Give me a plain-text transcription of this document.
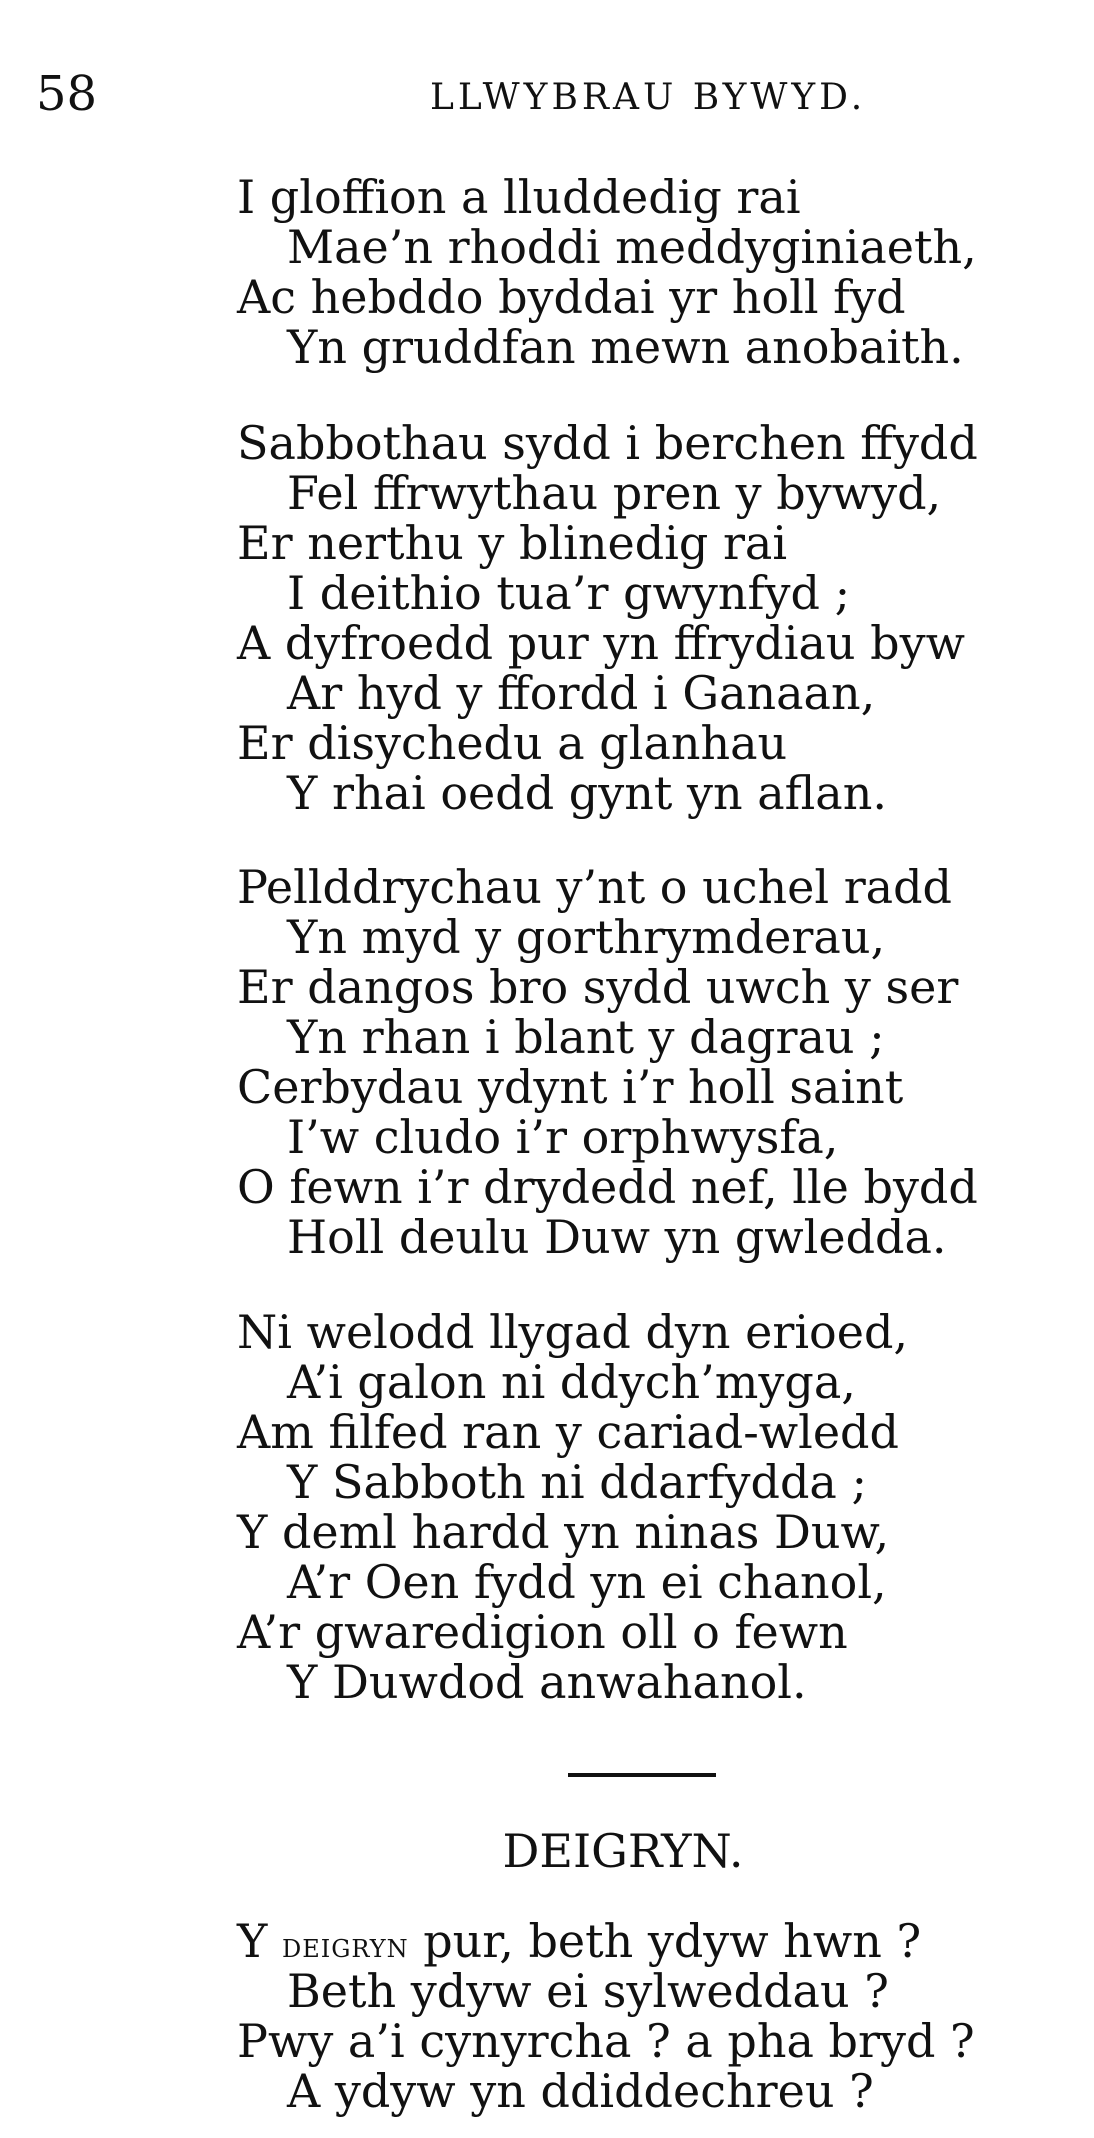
58	LLWYBRAU BYWYD.
I gloffion a lluddedig rai
Mae’n rhoddi meddyginiaeth,
Ac hebddo byddai yr holl fyd
Yn gruddfan mewn anobaith.
Sabbothau sydd i berchen ffydd
Fel ffrwythau pren y bywyd,
Er nerthu y blinedig rai
I deithio tua’r gwynfyd ;
A dyfroedd pur yn ffrydiau byw
Ar hyd y ffordd i Ganaan,
Er disychedu a glanhau
Y rhai oedd gynt yn aflan.
Pellddrychau y’nt o uchel radd
Yn myd y gorthrymderau,
Er dangos bro sydd uwch y ser
Yn rhan i blant y dagrau ;
Cerbydau ydynt i’r holl saint
I’w cludo i’r orphwysfa,
O fewn i’r drydedd nef, lle bydd
Holl deulu Duw yn gwledda.
Ni welodd llygad dyn erioed,
A’i galon ni ddych’myga,
Am filfed ran y cariad-wledd
Y Sabboth ni ddarfydda ;
Y deml hardd yn ninas Duw,
A’r Oen fydd yn ei chanol,
A’r gwaredigion oll o fewn
Y Duwdod anwahanol.
DEIGRYN.
Y deigryn pur, beth ydyw hwn ?
Beth ydyw ei sylweddau ?
Pwy a’i cynyrcha ? a pha bryd ?
A ydyw yn ddiddechreu ?
